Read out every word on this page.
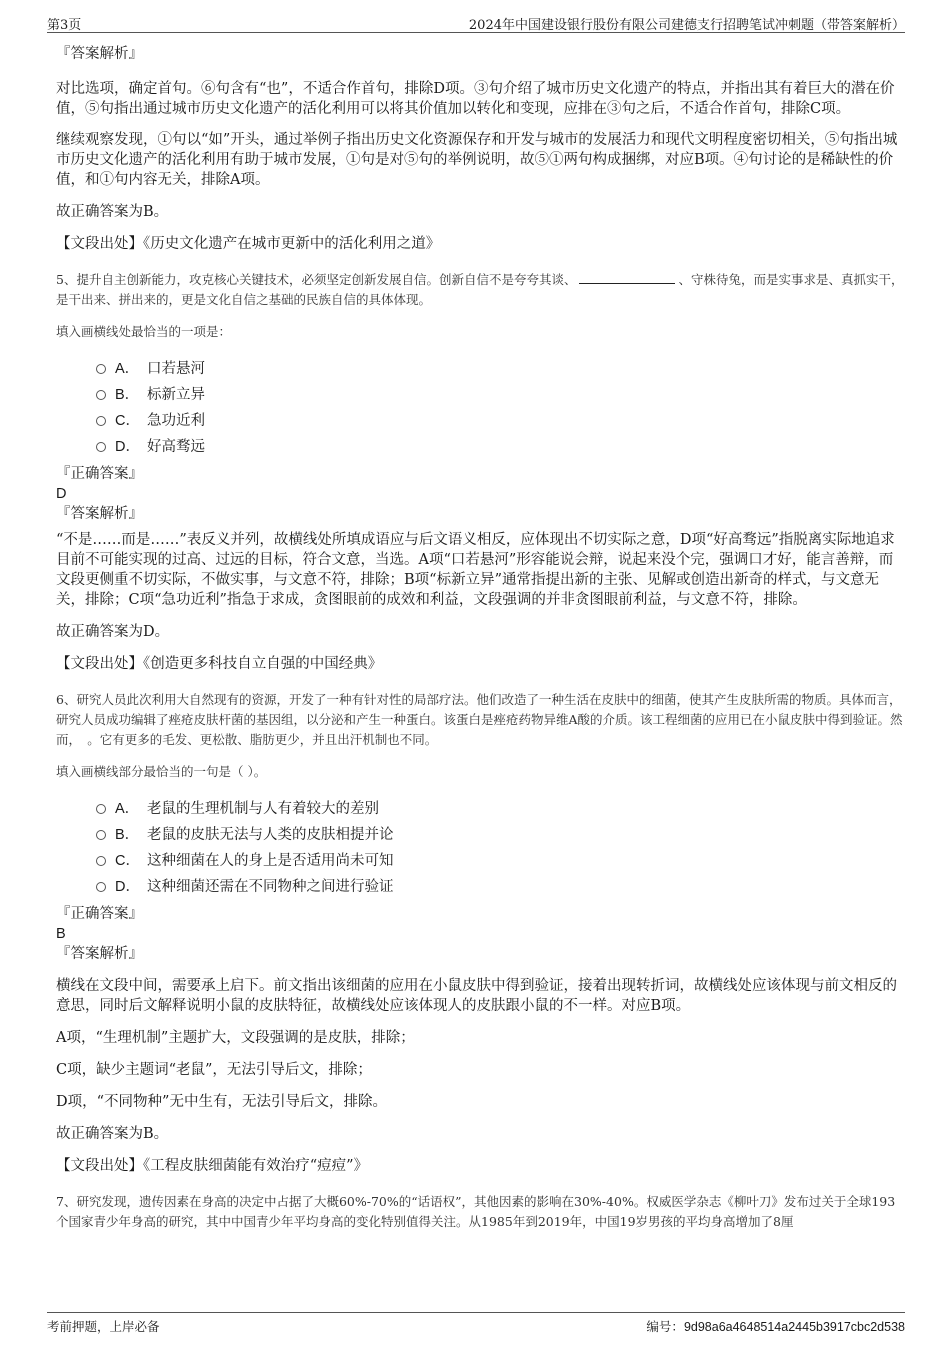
第3页	2024年中国建设银行股份有限公司建德支行招聘笔试冲刺题（带答案解析）

『答案解析』

对比选项，确定首句。⑥句含有“也”，不适合作首句，排除D项。③句介绍了城市历史文化遗产的特点，并指出其有着巨大的潜在价值，⑤句指出通过城市历史文化遗产的活化利用可以将其价值加以转化和变现，应排在③句之后，不适合作首句，排除C项。

继续观察发现，①句以“如”开头，通过举例子指出历史文化资源保存和开发与城市的发展活力和现代文明程度密切相关，⑤句指出城市历史文化遗产的活化利用有助于城市发展，①句是对⑤句的举例说明，故⑤①两句构成捆绑，对应B项。④句讨论的是稀缺性的价值，和①句内容无关，排除A项。

故正确答案为B。

【文段出处】《历史文化遗产在城市更新中的活化利用之道》

5、提升自主创新能力，攻克核心关键技术，必须坚定创新发展自信。创新自信不是夸夸其谈、	、守株待兔，而是实事求是、真抓实干，是干出来、拼出来的，更是文化自信之基础的民族自信的具体体现。

填入画横线处最恰当的一项是：

A． 口若悬河
B． 标新立异
C． 急功近利
D． 好高骛远

『正确答案』

D

『答案解析』

“不是……而是……”表反义并列，故横线处所填成语应与后文语义相反，应体现出不切实际之意，D项“好高骛远”指脱离实际地追求目前不可能实现的过高、过远的目标，符合文意，当选。A项“口若悬河”形容能说会辩，说起来没个完，强调口才好，能言善辩，而文段更侧重不切实际，不做实事，与文意不符，排除；B项“标新立异”通常指提出新的主张、见解或创造出新奇的样式，与文意无关，排除；C项“急功近利”指急于求成，贪图眼前的成效和利益，文段强调的并非贪图眼前利益，与文意不符，排除。

故正确答案为D。

【文段出处】《创造更多科技自立自强的中国经典》

6、研究人员此次利用大自然现有的资源，开发了一种有针对性的局部疗法。他们改造了一种生活在皮肤中的细菌，使其产生皮肤所需的物质。具体而言，研究人员成功编辑了痤疮皮肤杆菌的基因组，以分泌和产生一种蛋白。该蛋白是痤疮药物异维A酸的介质。该工程细菌的应用已在小鼠皮肤中得到验证。然而，　。它有更多的毛发、更松散、脂肪更少，并且出汗机制也不同。

填入画横线部分最恰当的一句是（ ）。

A． 老鼠的生理机制与人有着较大的差别
B． 老鼠的皮肤无法与人类的皮肤相提并论
C． 这种细菌在人的身上是否适用尚未可知
D． 这种细菌还需在不同物种之间进行验证

『正确答案』

B

『答案解析』

横线在文段中间，需要承上启下。前文指出该细菌的应用在小鼠皮肤中得到验证，接着出现转折词，故横线处应该体现与前文相反的意思，同时后文解释说明小鼠的皮肤特征，故横线处应该体现人的皮肤跟小鼠的不一样。对应B项。

A项，“生理机制”主题扩大，文段强调的是皮肤，排除；

C项，缺少主题词“老鼠”，无法引导后文，排除；

D项，“不同物种”无中生有，无法引导后文，排除。

故正确答案为B。

【文段出处】《工程皮肤细菌能有效治疗“痘痘”》

7、研究发现，遗传因素在身高的决定中占据了大概60%-70%的“话语权”，其他因素的影响在30%-40%。权威医学杂志《柳叶刀》发布过关于全球193个国家青少年身高的研究，其中中国青少年平均身高的变化特别值得关注。从1985年到2019年，中国19岁男孩的平均身高增加了8厘

考前押题，上岸必备	编号：9d98a6a4648514a2445b3917cbc2d538
